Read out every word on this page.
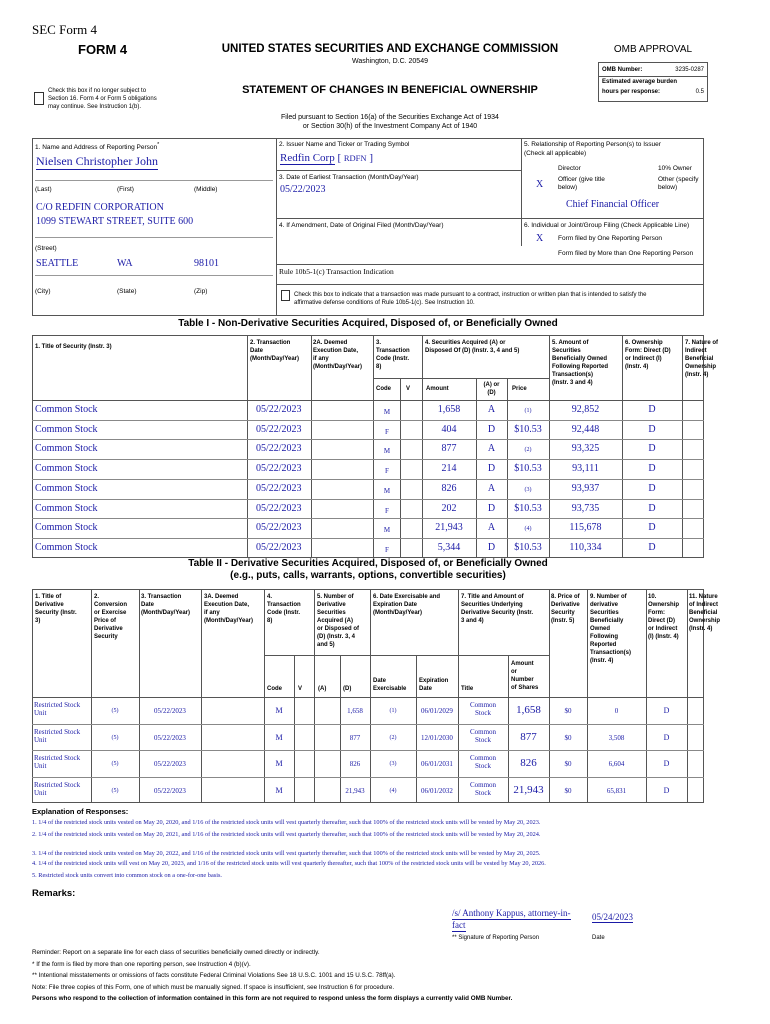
SEC Form 4
FORM 4	UNITED STATES SECURITIES AND EXCHANGE COMMISSION
Washington, D.C. 20549
OMB APPROVAL
OMB Number:	3235-0287
Estimated average burden
hours per response:	0.5
Check this box if no longer subject to
Section 16. Form 4 or Form 5 obligations
may continue. See Instruction 1(b).
STATEMENT OF CHANGES IN BENEFICIAL OWNERSHIP
Filed pursuant to Section 16(a) of the Securities Exchange Act of 1934
or Section 30(h) of the Investment Company Act of 1940
1. Name and Address of Reporting Person*
Nielsen Christopher John
(Last)	(First)	(Middle)
C/O REDFIN CORPORATION
1099 STEWART STREET, SUITE 600
(Street)
SEATTLE	WA	98101
(City)	(State)	(Zip)
2. Issuer Name and Ticker or Trading Symbol
Redfin Corp [ RDFN ]
3. Date of Earliest Transaction (Month/Day/Year)
05/22/2023
4. If Amendment, Date of Original Filed (Month/Day/Year)
5. Relationship of Reporting Person(s) to Issuer
(Check all applicable)
Director	10% Owner
X Officer (give title
below)
Other (specify
below)
Chief Financial Officer
6. Individual or Joint/Group Filing (Check Applicable Line)
X Form filed by One Reporting Person
Form filed by More than One Reporting Person
Rule 10b5-1(c) Transaction Indication
Check this box to indicate that a transaction was made pursuant to a contract, instruction or written plan that is intended to satisfy the
affirmative defense conditions of Rule 10b5-1(c). See Instruction 10.
Table I - Non-Derivative Securities Acquired, Disposed of, or Beneficially Owned
1. Title of Security (Instr. 3)
2. Transaction
Date
(Month/Day/Year)
2A. Deemed
Execution Date,
if any
(Month/Day/Year)
3.
Transaction
Code (Instr.
8)
4. Securities Acquired (A) or
Disposed Of (D) (Instr. 3, 4 and 5)
5. Amount of
Securities
Beneficially Owned
Following Reported
Transaction(s)
(Instr. 3 and 4)
6. Ownership
Form: Direct (D)
or Indirect (I)
(Instr. 4)
7. Nature of
Indirect
Beneficial
Ownership
(Instr. 4)
Code	V	Amount
(A) or
(D)
Price
Common Stock	05/22/2023	M	1,658	A	(1)	92,852	D
Common Stock	05/22/2023	F	404	D	$10.53	92,448	D
Common Stock	05/22/2023	M	877	A	(2)	93,325	D
Common Stock	05/22/2023	F	214	D	$10.53	93,111	D
Common Stock	05/22/2023	M	826	A	(3)	93,937	D
Common Stock	05/22/2023	F	202	D	$10.53	93,735	D
Common Stock	05/22/2023	M	21,943	A	(4)	115,678	D
Common Stock	05/22/2023	F	5,344	D	$10.53	110,334	D
Table II - Derivative Securities Acquired, Disposed of, or Beneficially Owned
(e.g., puts, calls, warrants, options, convertible securities)
1. Title of
Derivative
Security (Instr.
3)
2.
Conversion
or Exercise
Price of
Derivative
Security
3. Transaction
Date
(Month/Day/Year)
3A. Deemed
Execution Date,
if any
(Month/Day/Year)
4.
Transaction
Code (Instr.
8)
5. Number of
Derivative
Securities
Acquired (A)
or Disposed of
(D) (Instr. 3, 4
and 5)
6. Date Exercisable and
Expiration Date
(Month/Day/Year)
7. Title and Amount of
Securities Underlying
Derivative Security (Instr.
3 and 4)
8. Price of
Derivative
Security
(Instr. 5)
9. Number of
derivative
Securities
Beneficially
Owned
Following
Reported
Transaction(s)
(Instr. 4)
10.
Ownership
Form:
Direct (D)
or Indirect
(I) (Instr. 4)
11. Nature
of Indirect
Beneficial
Ownership
(Instr. 4)
Code	V	(A)	(D)
Date
Exercisable
Expiration
Date	Title
Amount
or
Number
of Shares
Restricted Stock
Unit	(5)	05/22/2023	M	1,658	(1)	06/01/2029
Common
Stock	1,658	$0	0	D
Restricted Stock
Unit	(5)	05/22/2023	M	877	(2)	12/01/2030
Common
Stock	877	$0	3,508	D
Restricted Stock
Unit	(5)	05/22/2023	M	826	(3)	06/01/2031
Common
Stock	826	$0	6,604	D
Restricted Stock
Unit	(5)	05/22/2023	M	21,943	(4)	06/01/2032
Common
Stock	21,943	$0	65,831	D
Explanation of Responses:
1. 1/4 of the restricted stock units vested on May 20, 2020, and 1/16 of the restricted stock units will vest quarterly thereafter, such that 100% of the restricted stock units will be vested by May 20, 2023.
2. 1/4 of the restricted stock units vested on May 20, 2021, and 1/16 of the restricted stock units will vest quarterly thereafter, such that 100% of the restricted stock units will be vested by May 20, 2024.
3. 1/4 of the restricted stock units vested on May 20, 2022, and 1/16 of the restricted stock units will vest quarterly thereafter, such that 100% of the restricted stock units will be vested by May 20, 2025.
4. 1/4 of the restricted stock units will vest on May 20, 2023, and 1/16 of the restricted stock units will vest quarterly thereafter, such that 100% of the restricted stock units will be vested by May 20, 2026.
5. Restricted stock units convert into common stock on a one-for-one basis.
Remarks:
/s/ Anthony Kappus, attorney-in-
fact
05/24/2023
** Signature of Reporting Person	Date
Reminder: Report on a separate line for each class of securities beneficially owned directly or indirectly.
* If the form is filed by more than one reporting person, see Instruction 4 (b)(v).
** Intentional misstatements or omissions of facts constitute Federal Criminal Violations See 18 U.S.C. 1001 and 15 U.S.C. 78ff(a).
Note: File three copies of this Form, one of which must be manually signed. If space is insufficient, see Instruction 6 for procedure.
Persons who respond to the collection of information contained in this form are not required to respond unless the form displays a currently valid OMB Number.
